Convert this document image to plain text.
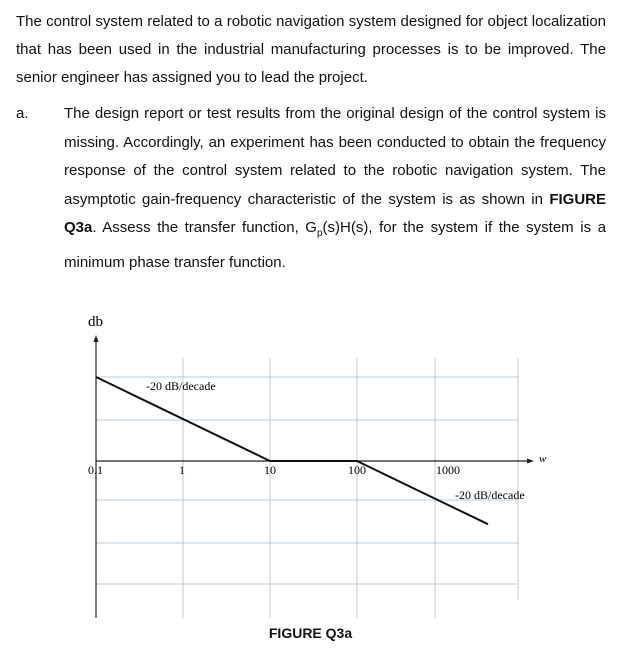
The control system related to a robotic navigation system designed for object localization that has been used in the industrial manufacturing processes is to be improved. The senior engineer has assigned you to lead the project.

a. The design report or test results from the original design of the control system is missing. Accordingly, an experiment has been conducted to obtain the frequency response of the control system related to the robotic navigation system. The asymptotic gain-frequency characteristic of the system is as shown in FIGURE Q3a. Assess the transfer function, $G_p(s)H(s)$, for the system if the system is a minimum phase transfer function.

db
w
-20 dB/decade
-20 dB/decade
0.1	1	10	100	1000
FIGURE Q3a
